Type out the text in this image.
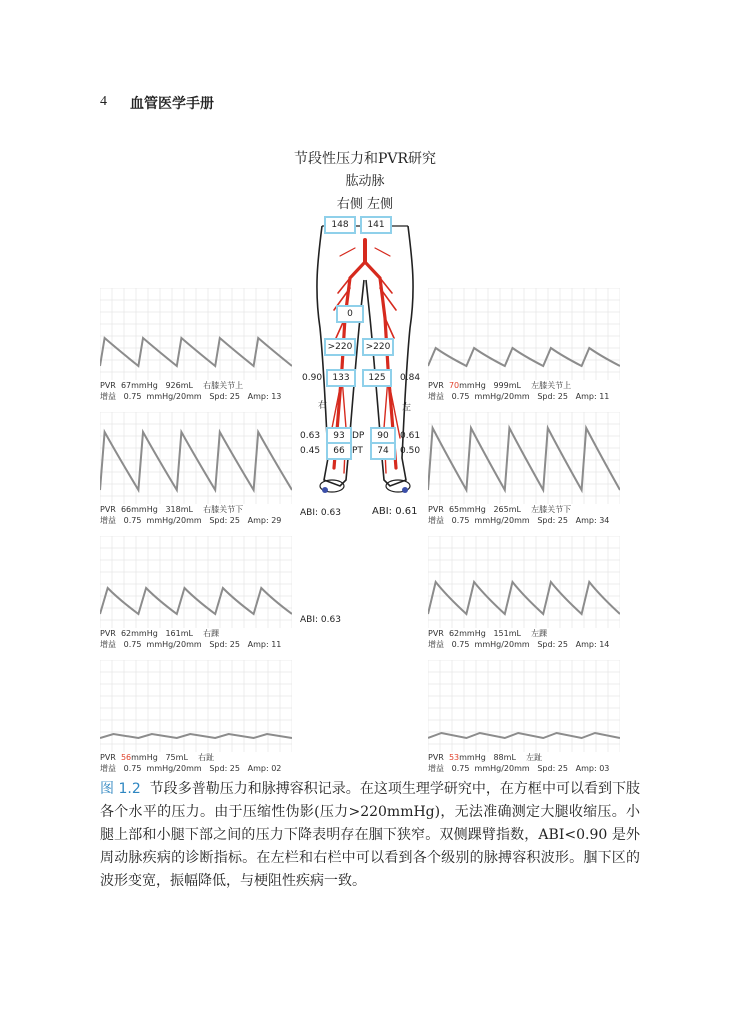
4 血管医学手册
节段性压力和PVR研究
肱动脉
右侧 左侧
148	141
0
>220	>220
0.90	133	125	0.84
右	左
0.63	93 DP	90	0.61
0.45	66 PT	74	0.50
ABI: 0.63	ABI: 0.61
ABI: 0.63
PVR 67mmHg 926mL 右膝关节上
增益 0.75 mmHg/20mm Spd: 25 Amp: 13
PVR 66mmHg 318mL 右膝关节下
增益 0.75 mmHg/20mm Spd: 25 Amp: 29
PVR 62mmHg 161mL 右踝
增益 0.75 mmHg/20mm Spd: 25 Amp: 11
PVR 56mmHg 75mL 右趾
增益 0.75 mmHg/20mm Spd: 25 Amp: 02
PVR 70mmHg 999mL 左膝关节上
增益 0.75 mmHg/20mm Spd: 25 Amp: 11
PVR 65mmHg 265mL 左膝关节下
增益 0.75 mmHg/20mm Spd: 25 Amp: 34
PVR 62mmHg 151mL 左踝
增益 0.75 mmHg/20mm Spd: 25 Amp: 14
PVR 53mmHg 88mL 左趾
增益 0.75 mmHg/20mm Spd: 25 Amp: 03
图 1.2 节段多普勒压力和脉搏容积记录。在这项生理学研究中，在方框中可以看到下肢各个水平的压力。由于压缩性伪影(压力>220mmHg)，无法准确测定大腿收缩压。小腿上部和小腿下部之间的压力下降表明存在腘下狭窄。双侧踝臂指数，ABI<0.90 是外周动脉疾病的诊断指标。在左栏和右栏中可以看到各个级别的脉搏容积波形。腘下区的波形变宽，振幅降低，与梗阻性疾病一致。
